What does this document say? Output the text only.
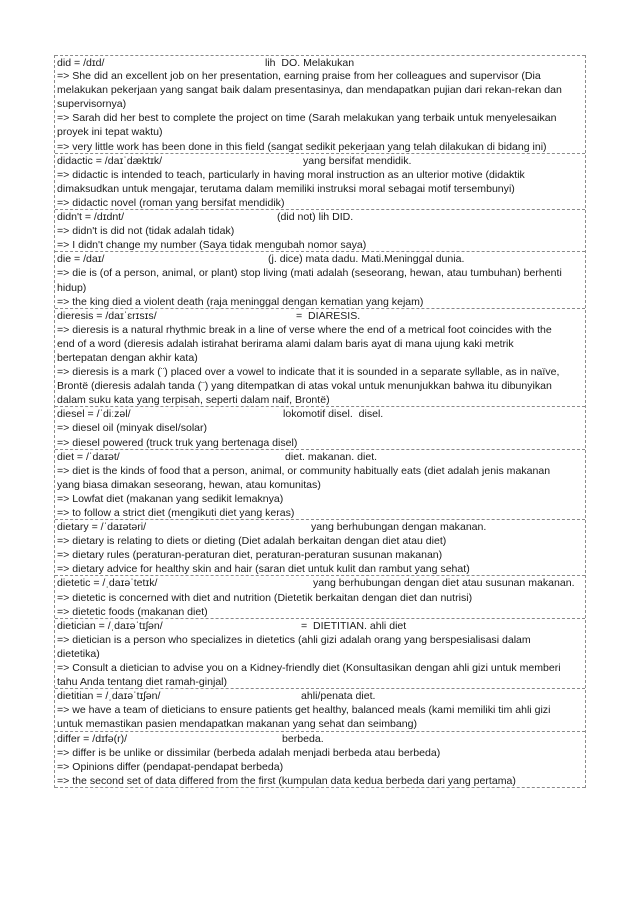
did = /dɪd/	lih  DO. Melakukan
=> She did an excellent job on her presentation, earning praise from her colleagues and supervisor (Dia
melakukan pekerjaan yang sangat baik dalam presentasinya, dan mendapatkan pujian dari rekan-rekan dan
supervisornya)
=> Sarah did her best to complete the project on time (Sarah melakukan yang terbaik untuk menyelesaikan
proyek ini tepat waktu)
=> very little work has been done in this field (sangat sedikit pekerjaan yang telah dilakukan di bidang ini)
didactic = /daɪˈdæktɪk/	yang bersifat mendidik.
=> didactic is intended to teach, particularly in having moral instruction as an ulterior motive (didaktik
dimaksudkan untuk mengajar, terutama dalam memiliki instruksi moral sebagai motif tersembunyi)
=> didactic novel (roman yang bersifat mendidik)
didn't = /dɪdnt/	(did not) lih DID.
=> didn't is did not (tidak adalah tidak)
=> I didn't change my number (Saya tidak mengubah nomor saya)
die = /daɪ/	(j. dice) mata dadu. Mati.Meninggal dunia.
=> die is (of a person, animal, or plant) stop living (mati adalah (seseorang, hewan, atau tumbuhan) berhenti
hidup)
=> the king died a violent death (raja meninggal dengan kematian yang kejam)
dieresis = /daɪˈɛrɪsɪs/	=  DIARESIS.
=> dieresis is a natural rhythmic break in a line of verse where the end of a metrical foot coincides with the
end of a word (dieresis adalah istirahat berirama alami dalam baris ayat di mana ujung kaki metrik
bertepatan dengan akhir kata)
=> dieresis is a mark (¨) placed over a vowel to indicate that it is sounded in a separate syllable, as in naïve,
Brontë (dieresis adalah tanda (¨) yang ditempatkan di atas vokal untuk menunjukkan bahwa itu dibunyikan
dalam suku kata yang terpisah, seperti dalam naif, Brontë)
diesel = /ˈdiːzəl/	lokomotif disel.  disel.
=> diesel oil (minyak disel/solar)
=> diesel powered (truck truk yang bertenaga disel)
diet = /ˈdaɪət/	diet. makanan. diet.
=> diet is the kinds of food that a person, animal, or community habitually eats (diet adalah jenis makanan
yang biasa dimakan seseorang, hewan, atau komunitas)
=> Lowfat diet (makanan yang sedikit lemaknya)
=> to follow a strict diet (mengikuti diet yang keras)
dietary = /ˈdaɪətəri/	yang berhubungan dengan makanan.
=> dietary is relating to diets or dieting (Diet adalah berkaitan dengan diet atau diet)
=> dietary rules (peraturan-peraturan diet, peraturan-peraturan susunan makanan)
=> dietary advice for healthy skin and hair (saran diet untuk kulit dan rambut yang sehat)
dietetic = /ˌdaɪəˈtetɪk/	yang berhubungan dengan diet atau susunan makanan.
=> dietetic is concerned with diet and nutrition (Dietetik berkaitan dengan diet dan nutrisi)
=> dietetic foods (makanan diet)
dietician = /ˌdaɪəˈtɪʃən/	=  DIETITIAN. ahli diet
=> dietician is a person who specializes in dietetics (ahli gizi adalah orang yang berspesialisasi dalam
dietetika)
=> Consult a dietician to advise you on a Kidney-friendly diet (Konsultasikan dengan ahli gizi untuk memberi
tahu Anda tentang diet ramah-ginjal)
dietitian = /ˌdaɪəˈtɪʃən/	ahli/penata diet.
=> we have a team of dieticians to ensure patients get healthy, balanced meals (kami memiliki tim ahli gizi
untuk memastikan pasien mendapatkan makanan yang sehat dan seimbang)
differ = /dɪfə(r)/	berbeda.
=> differ is be unlike or dissimilar (berbeda adalah menjadi berbeda atau berbeda)
=> Opinions differ (pendapat-pendapat berbeda)
=> the second set of data differed from the first (kumpulan data kedua berbeda dari yang pertama)
